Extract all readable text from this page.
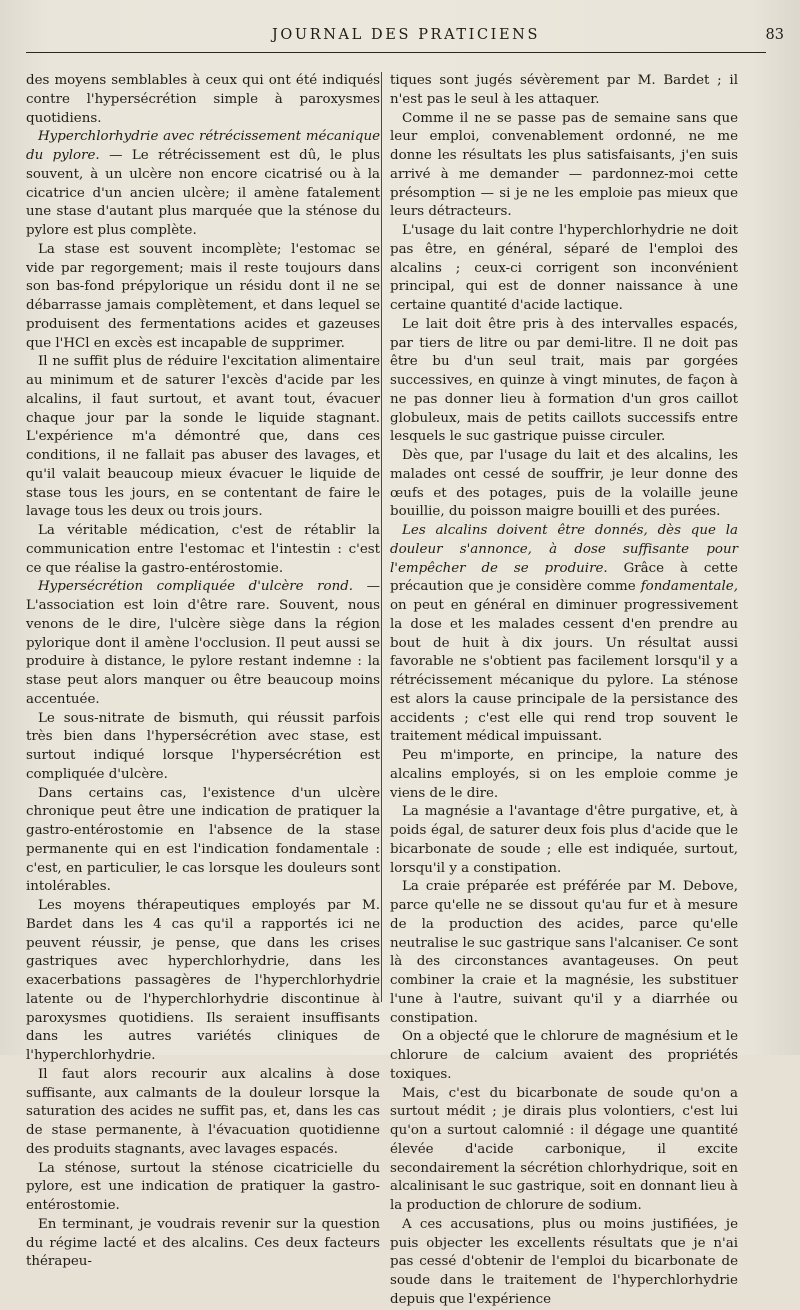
JOURNAL DES PRATICIENS	83

des moyens semblables à ceux qui ont été indiqués contre l'hypersécrétion simple à paroxysmes quotidiens.

Hyperchlorhydrie avec rétrécissement mécanique du pylore. — Le rétrécissement est dû, le plus souvent, à un ulcère non encore cicatrisé ou à la cicatrice d'un ancien ulcère; il amène fatalement une stase d'autant plus marquée que la sténose du pylore est plus complète.

La stase est souvent incomplète; l'estomac se vide par regorgement; mais il reste toujours dans son bas-fond prépylorique un résidu dont il ne se débarrasse jamais complètement, et dans lequel se produisent des fermentations acides et gazeuses que l'HCl en excès est incapable de supprimer.

Il ne suffit plus de réduire l'excitation alimentaire au minimum et de saturer l'excès d'acide par les alcalins, il faut surtout, et avant tout, évacuer chaque jour par la sonde le liquide stagnant. L'expérience m'a démontré que, dans ces conditions, il ne fallait pas abuser des lavages, et qu'il valait beaucoup mieux évacuer le liquide de stase tous les jours, en se contentant de faire le lavage tous les deux ou trois jours.

La véritable médication, c'est de rétablir la communication entre l'estomac et l'intestin : c'est ce que réalise la gastro-entérostomie.

Hypersécrétion compliquée d'ulcère rond. — L'association est loin d'être rare. Souvent, nous venons de le dire, l'ulcère siège dans la région pylorique dont il amène l'occlusion. Il peut aussi se produire à distance, le pylore restant indemne : la stase peut alors manquer ou être beaucoup moins accentuée.

Le sous-nitrate de bismuth, qui réussit parfois très bien dans l'hypersécrétion avec stase, est surtout indiqué lorsque l'hypersécrétion est compliquée d'ulcère.

Dans certains cas, l'existence d'un ulcère chronique peut être une indication de pratiquer la gastro-entérostomie en l'absence de la stase permanente qui en est l'indication fondamentale : c'est, en particulier, le cas lorsque les douleurs sont intolérables.

Les moyens thérapeutiques employés par M. Bardet dans les 4 cas qu'il a rapportés ici ne peuvent réussir, je pense, que dans les crises gastriques avec hyperchlorhydrie, dans les exacerbations passagères de l'hyperchlorhydrie latente ou de l'hyperchlorhydrie discontinue à paroxysmes quotidiens. Ils seraient insuffisants dans les autres variétés cliniques de l'hyperchlorhydrie.

Il faut alors recourir aux alcalins à dose suffisante, aux calmants de la douleur lorsque la saturation des acides ne suffit pas, et, dans les cas de stase permanente, à l'évacuation quotidienne des produits stagnants, avec lavages espacés.

La sténose, surtout la sténose cicatricielle du pylore, est une indication de pratiquer la gastro-entérostomie.

En terminant, je voudrais revenir sur la question du régime lacté et des alcalins. Ces deux facteurs thérapeu-

tiques sont jugés sévèrement par M. Bardet ; il n'est pas le seul à les attaquer.

Comme il ne se passe pas de semaine sans que leur emploi, convenablement ordonné, ne me donne les résultats les plus satisfaisants, j'en suis arrivé à me demander — pardonnez-moi cette présomption — si je ne les emploie pas mieux que leurs détracteurs.

L'usage du lait contre l'hyperchlorhydrie ne doit pas être, en général, séparé de l'emploi des alcalins ; ceux-ci corrigent son inconvénient principal, qui est de donner naissance à une certaine quantité d'acide lactique.

Le lait doit être pris à des intervalles espacés, par tiers de litre ou par demi-litre. Il ne doit pas être bu d'un seul trait, mais par gorgées successives, en quinze à vingt minutes, de façon à ne pas donner lieu à formation d'un gros caillot globuleux, mais de petits caillots successifs entre lesquels le suc gastrique puisse circuler.

Dès que, par l'usage du lait et des alcalins, les malades ont cessé de souffrir, je leur donne des œufs et des potages, puis de la volaille jeune bouillie, du poisson maigre bouilli et des purées.

Les alcalins doivent être donnés, dès que la douleur s'annonce, à dose suffisante pour l'empêcher de se produire. Grâce à cette précaution que je considère comme fondamentale, on peut en général en diminuer progressivement la dose et les malades cessent d'en prendre au bout de huit à dix jours. Un résultat aussi favorable ne s'obtient pas facilement lorsqu'il y a rétrécissement mécanique du pylore. La sténose est alors la cause principale de la persistance des accidents ; c'est elle qui rend trop souvent le traitement médical impuissant.

Peu m'importe, en principe, la nature des alcalins employés, si on les emploie comme je viens de le dire.

La magnésie a l'avantage d'être purgative, et, à poids égal, de saturer deux fois plus d'acide que le bicarbonate de soude ; elle est indiquée, surtout, lorsqu'il y a constipation.

La craie préparée est préférée par M. Debove, parce qu'elle ne se dissout qu'au fur et à mesure de la production des acides, parce qu'elle neutralise le suc gastrique sans l'alcaniser. Ce sont là des circonstances avantageuses. On peut combiner la craie et la magnésie, les substituer l'une à l'autre, suivant qu'il y a diarrhée ou constipation.

On a objecté que le chlorure de magnésium et le chlorure de calcium avaient des propriétés toxiques.

Mais, c'est du bicarbonate de soude qu'on a surtout médit ; je dirais plus volontiers, c'est lui qu'on a surtout calomnié : il dégage une quantité élevée d'acide carbonique, il excite secondairement la sécrétion chlorhydrique, soit en alcalinisant le suc gastrique, soit en donnant lieu à la production de chlorure de sodium.

A ces accusations, plus ou moins justifiées, je puis objecter les excellents résultats que je n'ai pas cessé d'obtenir de l'emploi du bicarbonate de soude dans le traitement de l'hyperchlorhydrie depuis que l'expérience
